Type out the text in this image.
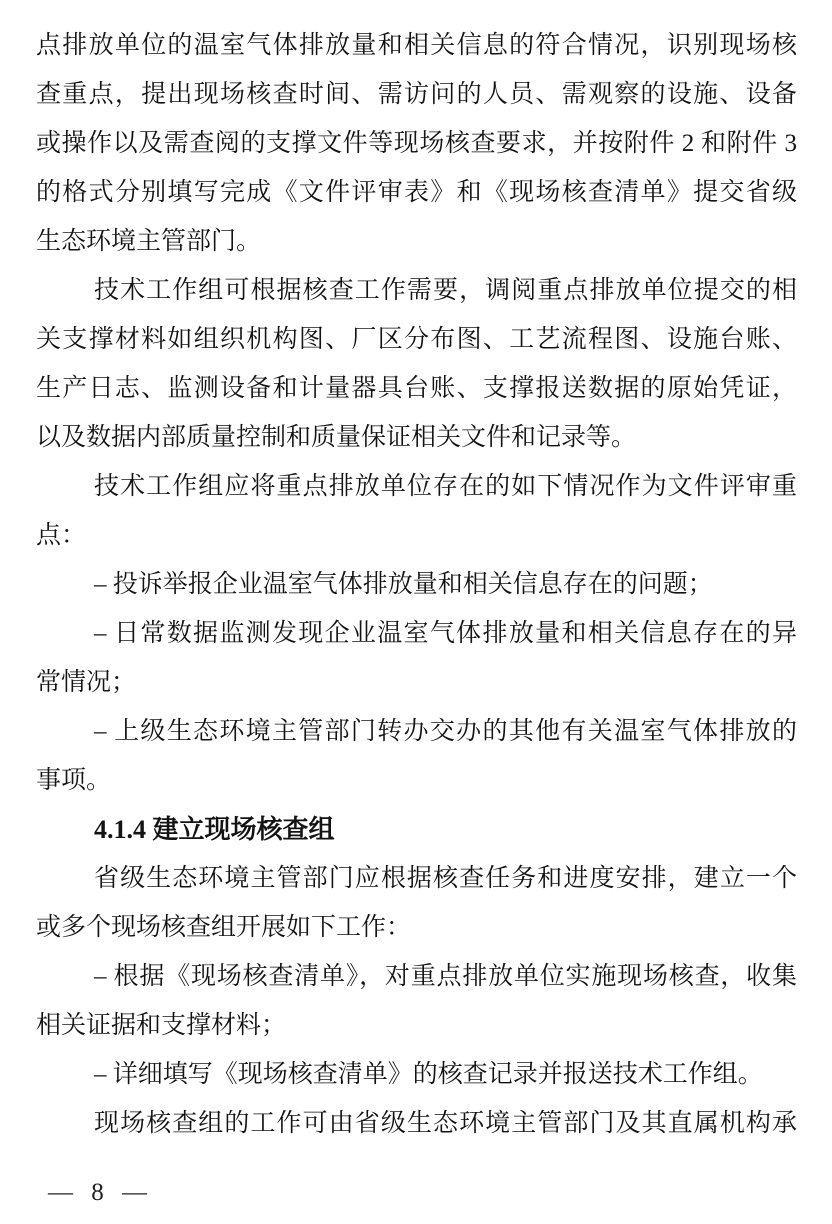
点排放单位的温室气体排放量和相关信息的符合情况，识别现场核
查重点，提出现场核查时间、需访问的人员、需观察的设施、设备
或操作以及需查阅的支撑文件等现场核查要求，并按附件 2 和附件 3
的格式分别填写完成《文件评审表》和《现场核查清单》提交省级
生态环境主管部门。
技术工作组可根据核查工作需要，调阅重点排放单位提交的相
关支撑材料如组织机构图、厂区分布图、工艺流程图、设施台账、
生产日志、监测设备和计量器具台账、支撑报送数据的原始凭证，
以及数据内部质量控制和质量保证相关文件和记录等。
技术工作组应将重点排放单位存在的如下情况作为文件评审重
点：
– 投诉举报企业温室气体排放量和相关信息存在的问题；
– 日常数据监测发现企业温室气体排放量和相关信息存在的异
常情况；
– 上级生态环境主管部门转办交办的其他有关温室气体排放的
事项。
4.1.4 建立现场核查组
省级生态环境主管部门应根据核查任务和进度安排，建立一个
或多个现场核查组开展如下工作：
– 根据《现场核查清单》，对重点排放单位实施现场核查，收集
相关证据和支撑材料；
– 详细填写《现场核查清单》的核查记录并报送技术工作组。
现场核查组的工作可由省级生态环境主管部门及其直属机构承
— 8 —
